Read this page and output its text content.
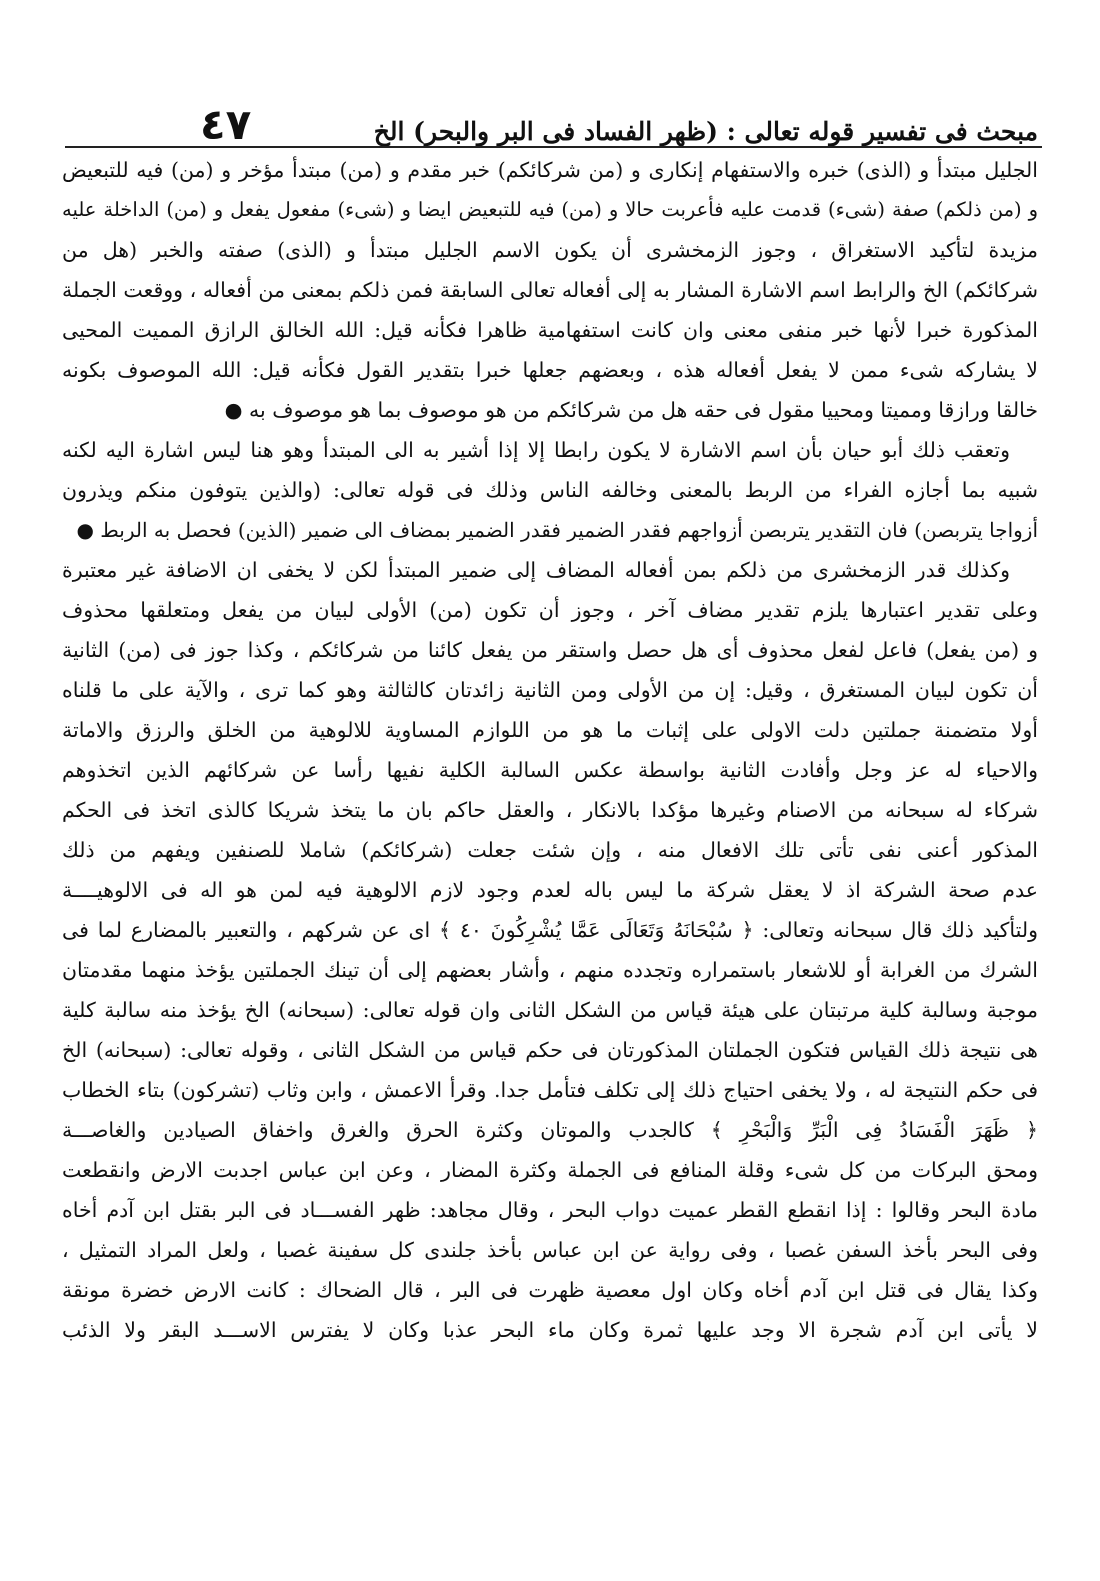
مبحث فى تفسير قوله تعالى : (ظهر الفساد فى البر والبحر) الخ
٤٧
الجليل مبتدأ و (الذى) خبره والاستفهام إنكارى و (من شركائكم) خبر مقدم و (من) مبتدأ مؤخر و (من) فيه للتبعيض
و (من ذلكم) صفة (شىء) قدمت عليه فأعربت حالا و (من) فيه للتبعيض ايضا و (شىء) مفعول يفعل و (من) الداخلة عليه
مزيدة لتأكيد الاستغراق ، وجوز الزمخشرى أن يكون الاسم الجليل مبتدأ و (الذى) صفته والخبر (هل من
شركائكم) الخ والرابط اسم الاشارة المشار به إلى أفعاله تعالى السابقة فمن ذلكم بمعنى من أفعاله ، ووقعت الجملة
المذكورة خبرا لأنها خبر منفى معنى وان كانت استفهامية ظاهرا فكأنه قيل: الله الخالق الرازق المميت المحيى
لا يشاركه شىء ممن لا يفعل أفعاله هذه ، وبعضهم جعلها خبرا بتقدير القول فكأنه قيل: الله الموصوف بكونه
خالقا ورازقا ومميتا ومحييا مقول فى حقه هل من شركائكم من هو موصوف بما هو موصوف به ●
وتعقب ذلك أبو حيان بأن اسم الاشارة لا يكون رابطا إلا إذا أشير به الى المبتدأ وهو هنا ليس اشارة اليه لكنه
شبيه بما أجازه الفراء من الربط بالمعنى وخالفه الناس وذلك فى قوله تعالى: (والذين يتوفون منكم ويذرون
أزواجا يتربصن) فان التقدير يتربصن أزواجهم فقدر الضمير فقدر الضمير بمضاف الى ضمير (الذين) فحصل به الربط ●
وكذلك قدر الزمخشرى من ذلكم بمن أفعاله المضاف إلى ضمير المبتدأ لكن لا يخفى ان الاضافة غير معتبرة
وعلى تقدير اعتبارها يلزم تقدير مضاف آخر ، وجوز أن تكون (من) الأولى لبيان من يفعل ومتعلقها محذوف
و (من يفعل) فاعل لفعل محذوف أى هل حصل واستقر من يفعل كائنا من شركائكم ، وكذا جوز فى (من) الثانية
أن تكون لبيان المستغرق ، وقيل: إن من الأولى ومن الثانية زائدتان كالثالثة وهو كما ترى ، والآية على ما قلناه
أولا متضمنة جملتين دلت الاولى على إثبات ما هو من اللوازم المساوية للالوهية من الخلق والرزق والاماتة
والاحياء له عز وجل وأفادت الثانية بواسطة عكس السالبة الكلية نفيها رأسا عن شركائهم الذين اتخذوهم
شركاء له سبحانه من الاصنام وغيرها مؤكدا بالانكار ، والعقل حاكم بان ما يتخذ شريكا كالذى اتخذ فى الحكم
المذكور أعنى نفى تأتى تلك الافعال منه ، وإن شئت جعلت (شركائكم) شاملا للصنفين ويفهم من ذلك
عدم صحة الشركة اذ لا يعقل شركة ما ليس باله لعدم وجود لازم الالوهية فيه لمن هو اله فى الالوهيــــة
ولتأكيد ذلك قال سبحانه وتعالى: ﴿ سُبْحَانَهُ وَتَعَالَى عَمَّا يُشْرِكُونَ ٤٠ ﴾ اى عن شركهم ، والتعبير بالمضارع لما فى
الشرك من الغرابة أو للاشعار باستمراره وتجدده منهم ، وأشار بعضهم إلى أن تينك الجملتين يؤخذ منهما مقدمتان
موجبة وسالبة كلية مرتبتان على هيئة قياس من الشكل الثانى وان قوله تعالى: (سبحانه) الخ يؤخذ منه سالبة كلية
هى نتيجة ذلك القياس فتكون الجملتان المذكورتان فى حكم قياس من الشكل الثانى ، وقوله تعالى: (سبحانه) الخ
فى حكم النتيجة له ، ولا يخفى احتياج ذلك إلى تكلف فتأمل جدا. وقرأ الاعمش ، وابن وثاب (تشركون) بتاء الخطاب
﴿ ظَهَرَ الْفَسَادُ فِى الْبَرِّ وَالْبَحْرِ ﴾ كالجدب والموتان وكثرة الحرق والغرق واخفاق الصيادين والغاصـــة
ومحق البركات من كل شىء وقلة المنافع فى الجملة وكثرة المضار ، وعن ابن عباس اجدبت الارض وانقطعت
مادة البحر وقالوا : إذا انقطع القطر عميت دواب البحر ، وقال مجاهد: ظهر الفســـاد فى البر بقتل ابن آدم أخاه
وفى البحر بأخذ السفن غصبا ، وفى رواية عن ابن عباس بأخذ جلندى كل سفينة غصبا ، ولعل المراد التمثيل ،
وكذا يقال فى قتل ابن آدم أخاه وكان اول معصية ظهرت فى البر ، قال الضحاك : كانت الارض خضرة مونقة
لا يأتى ابن آدم شجرة الا وجد عليها ثمرة وكان ماء البحر عذبا وكان لا يفترس الاســـد البقر ولا الذئب
